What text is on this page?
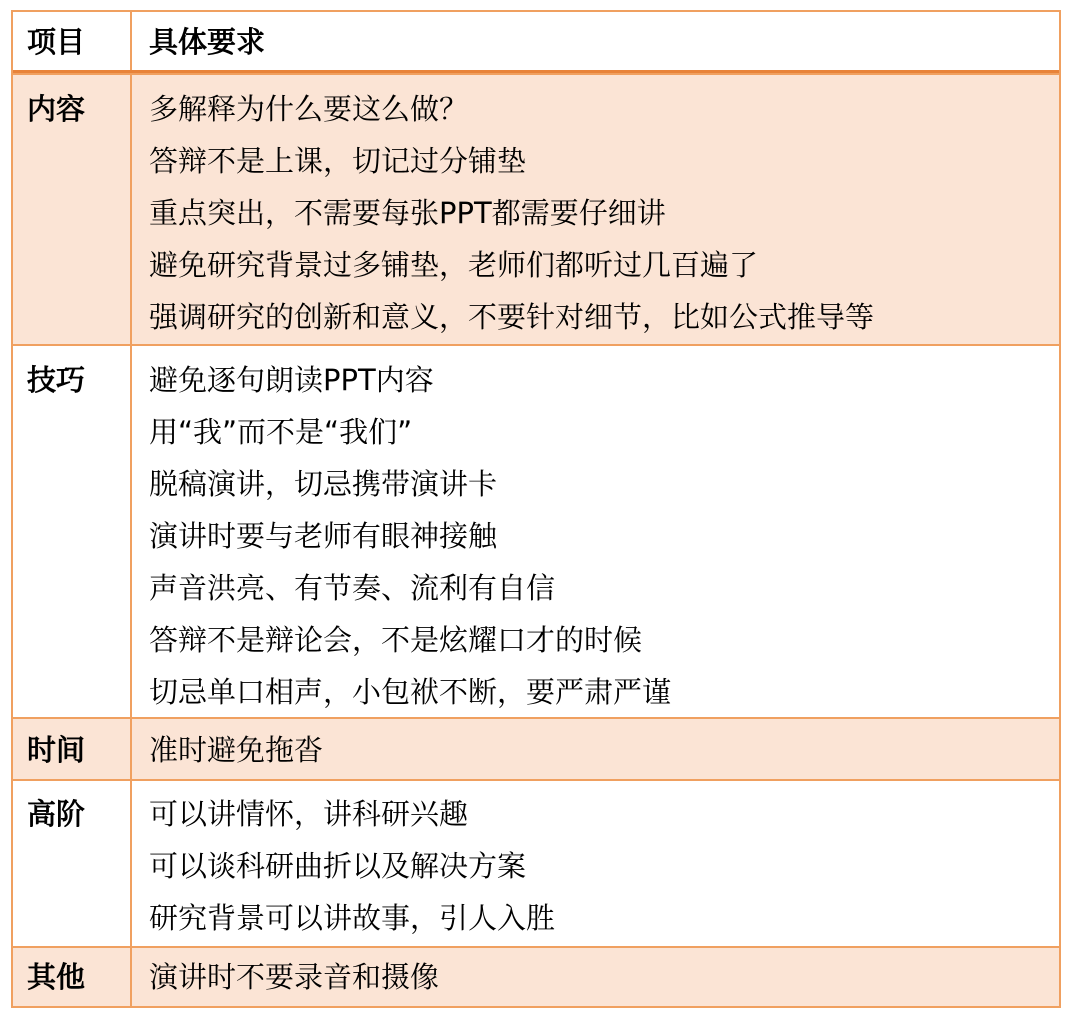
项目	具体要求
内容	多解释为什么要这么做？
答辩不是上课，切记过分铺垫
重点突出，不需要每张PPT都需要仔细讲
避免研究背景过多铺垫，老师们都听过几百遍了
强调研究的创新和意义，不要针对细节，比如公式推导等
技巧	避免逐句朗读PPT内容
用“我”而不是“我们”
脱稿演讲，切忌携带演讲卡
演讲时要与老师有眼神接触
声音洪亮、有节奏、流利有自信
答辩不是辩论会，不是炫耀口才的时候
切忌单口相声，小包袱不断，要严肃严谨
时间	准时避免拖沓
高阶	可以讲情怀，讲科研兴趣
可以谈科研曲折以及解决方案
研究背景可以讲故事，引人入胜
其他	演讲时不要录音和摄像
